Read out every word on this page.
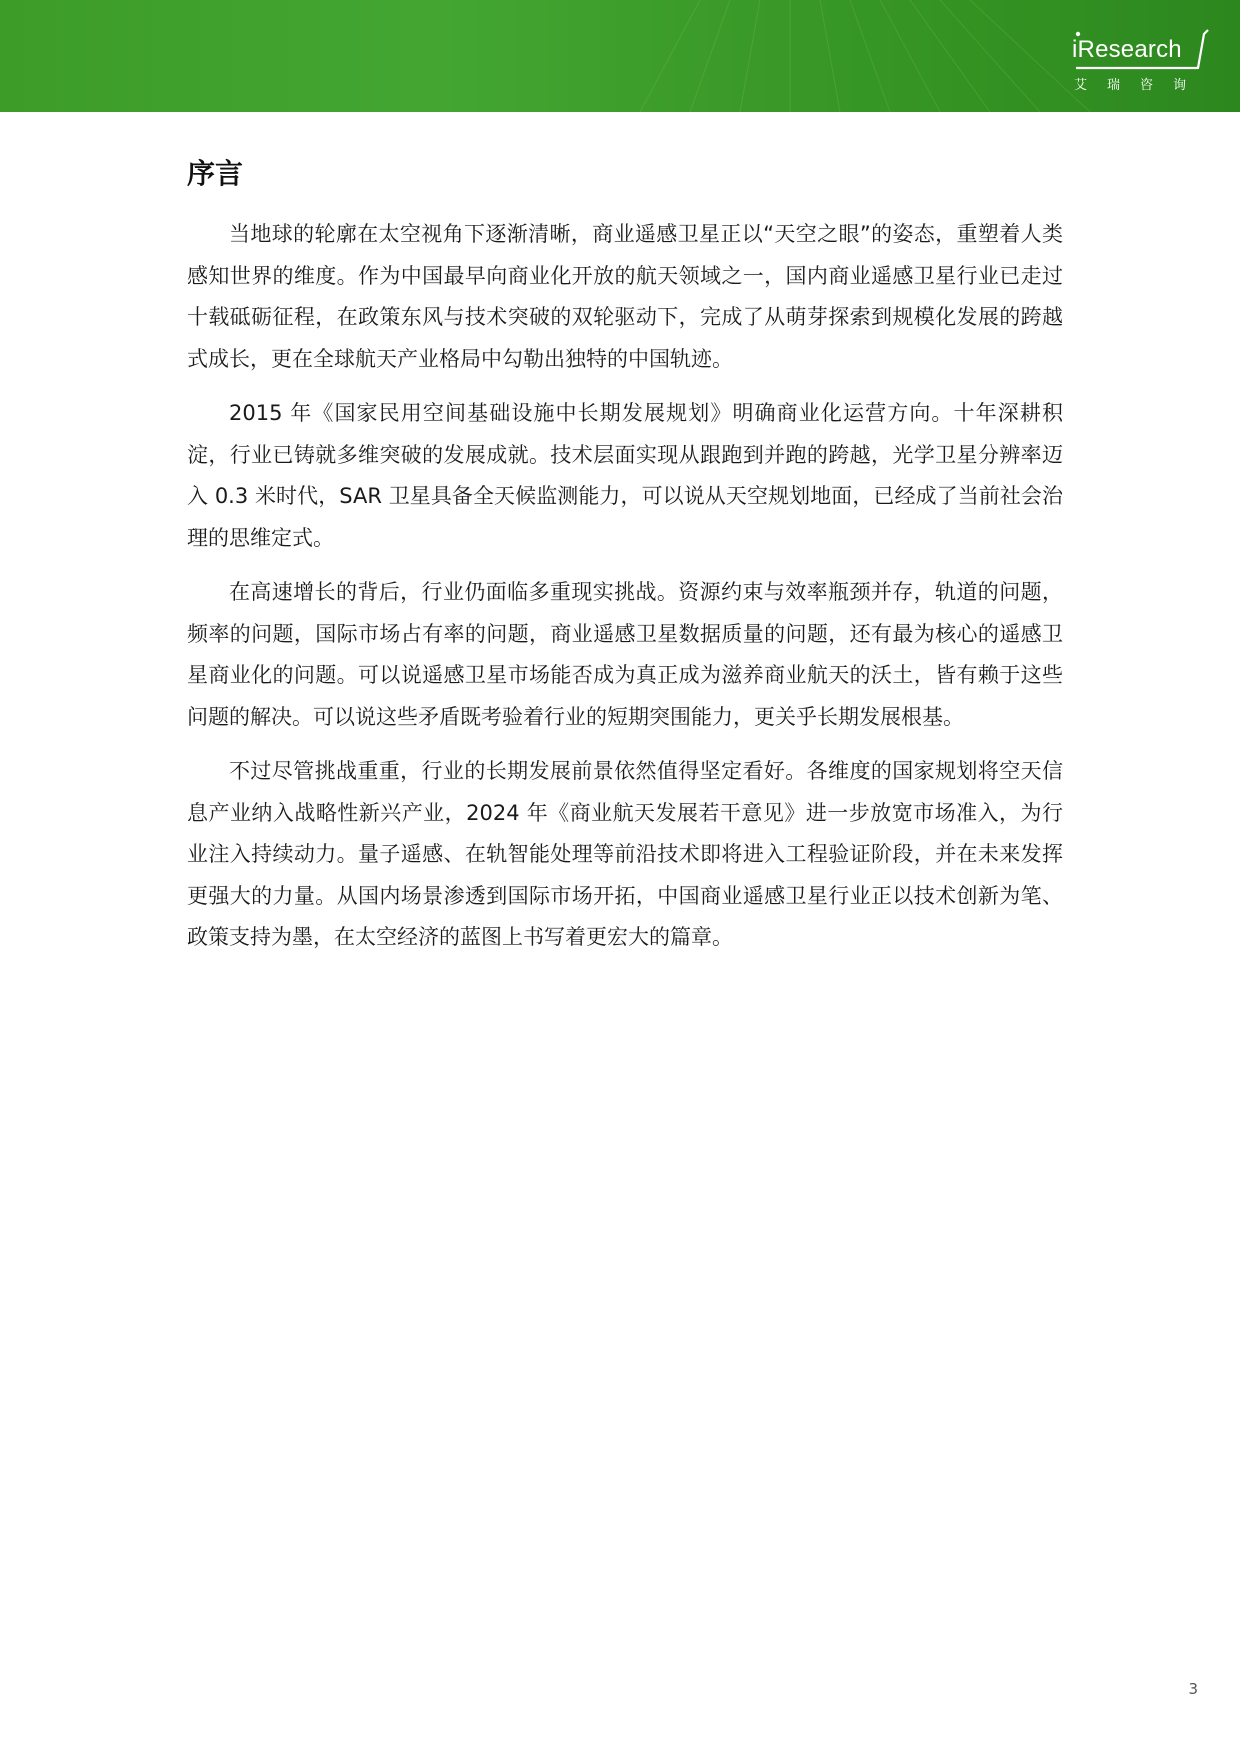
iResearch
艾瑞咨询
序言

当地球的轮廓在太空视角下逐渐清晰，商业遥感卫星正以“天空之眼”的姿态，重塑着人类感知世界的维度。作为中国最早向商业化开放的航天领域之一，国内商业遥感卫星行业已走过十载砥砺征程，在政策东风与技术突破的双轮驱动下，完成了从萌芽探索到规模化发展的跨越式成长，更在全球航天产业格局中勾勒出独特的中国轨迹。

2015 年《国家民用空间基础设施中长期发展规划》明确商业化运营方向。十年深耕积淀，行业已铸就多维突破的发展成就。技术层面实现从跟跑到并跑的跨越，光学卫星分辨率迈入 0.3 米时代，SAR 卫星具备全天候监测能力，可以说从天空规划地面，已经成了当前社会治理的思维定式。

在高速增长的背后，行业仍面临多重现实挑战。资源约束与效率瓶颈并存，轨道的问题，频率的问题，国际市场占有率的问题，商业遥感卫星数据质量的问题，还有最为核心的遥感卫星商业化的问题。可以说遥感卫星市场能否成为真正成为滋养商业航天的沃土，皆有赖于这些问题的解决。可以说这些矛盾既考验着行业的短期突围能力，更关乎长期发展根基。

不过尽管挑战重重，行业的长期发展前景依然值得坚定看好。各维度的国家规划将空天信息产业纳入战略性新兴产业，2024 年《商业航天发展若干意见》进一步放宽市场准入，为行业注入持续动力。量子遥感、在轨智能处理等前沿技术即将进入工程验证阶段，并在未来发挥更强大的力量。从国内场景渗透到国际市场开拓，中国商业遥感卫星行业正以技术创新为笔、政策支持为墨，在太空经济的蓝图上书写着更宏大的篇章。

3
